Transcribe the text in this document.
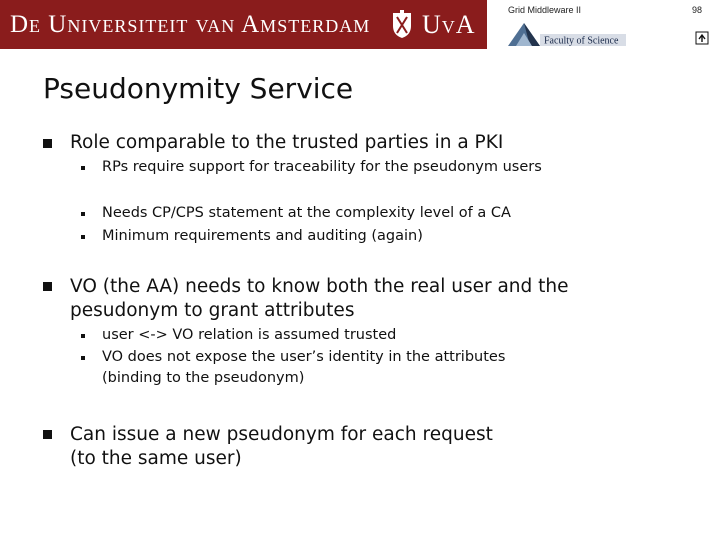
De Universiteit van Amsterdam UvA	Grid Middleware II	98
Faculty of Science
Pseudonymity Service
Role comparable to the trusted parties in a PKI
RPs require support for traceability for the pseudonym users
Needs CP/CPS statement at the complexity level of a CA
Minimum requirements and auditing (again)
VO (the AA) needs to know both the real user and the
pesudonym to grant attributes
user <-> VO relation is assumed trusted
VO does not expose the user’s identity in the attributes
(binding to the pseudonym)
Can issue a new pseudonym for each request
(to the same user)
